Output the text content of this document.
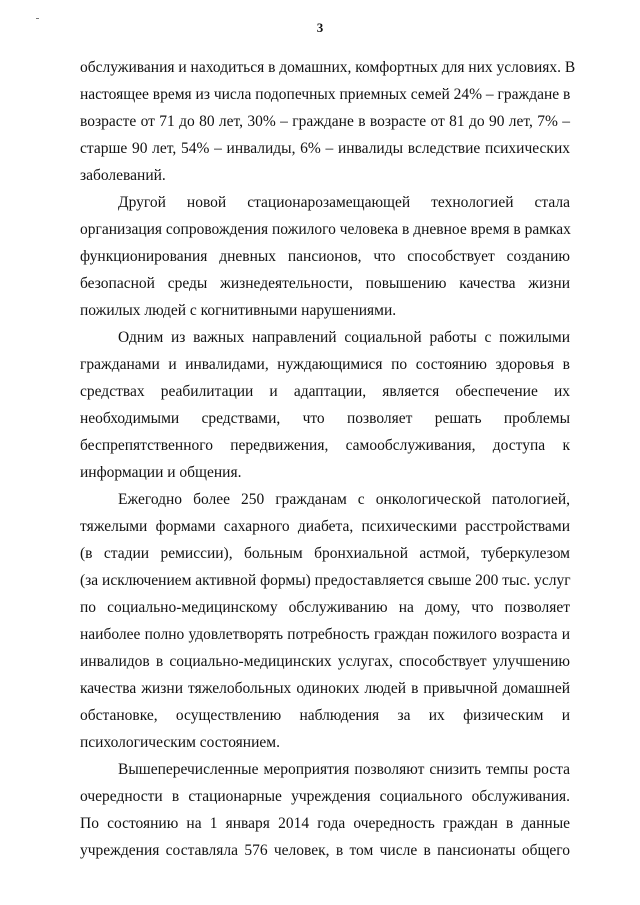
3
обслуживания и находиться в домашних, комфортных для них условиях. В
настоящее время из числа подопечных приемных семей 24% – граждане в
возрасте от 71 до 80 лет, 30% – граждане в возрасте от 81 до 90 лет, 7% –
старше 90 лет, 54% – инвалиды, 6% – инвалиды вследствие психических
заболеваний.
Другой новой стационарозамещающей технологией стала
организация сопровождения пожилого человека в дневное время в рамках
функционирования дневных пансионов, что способствует созданию
безопасной среды жизнедеятельности, повышению качества жизни
пожилых людей с когнитивными нарушениями.
Одним из важных направлений социальной работы с пожилыми
гражданами и инвалидами, нуждающимися по состоянию здоровья в
средствах реабилитации и адаптации, является обеспечение их
необходимыми средствами, что позволяет решать проблемы
беспрепятственного передвижения, самообслуживания, доступа к
информации и общения.
Ежегодно более 250 гражданам с онкологической патологией,
тяжелыми формами сахарного диабета, психическими расстройствами
(в стадии ремиссии), больным бронхиальной астмой, туберкулезом
(за исключением активной формы) предоставляется свыше 200 тыс. услуг
по социально-медицинскому обслуживанию на дому, что позволяет
наиболее полно удовлетворять потребность граждан пожилого возраста и
инвалидов в социально-медицинских услугах, способствует улучшению
качества жизни тяжелобольных одиноких людей в привычной домашней
обстановке, осуществлению наблюдения за их физическим и
психологическим состоянием.
Вышеперечисленные мероприятия позволяют снизить темпы роста
очередности в стационарные учреждения социального обслуживания.
По состоянию на 1 января 2014 года очередность граждан в данные
учреждения составляла 576 человек, в том числе в пансионаты общего
